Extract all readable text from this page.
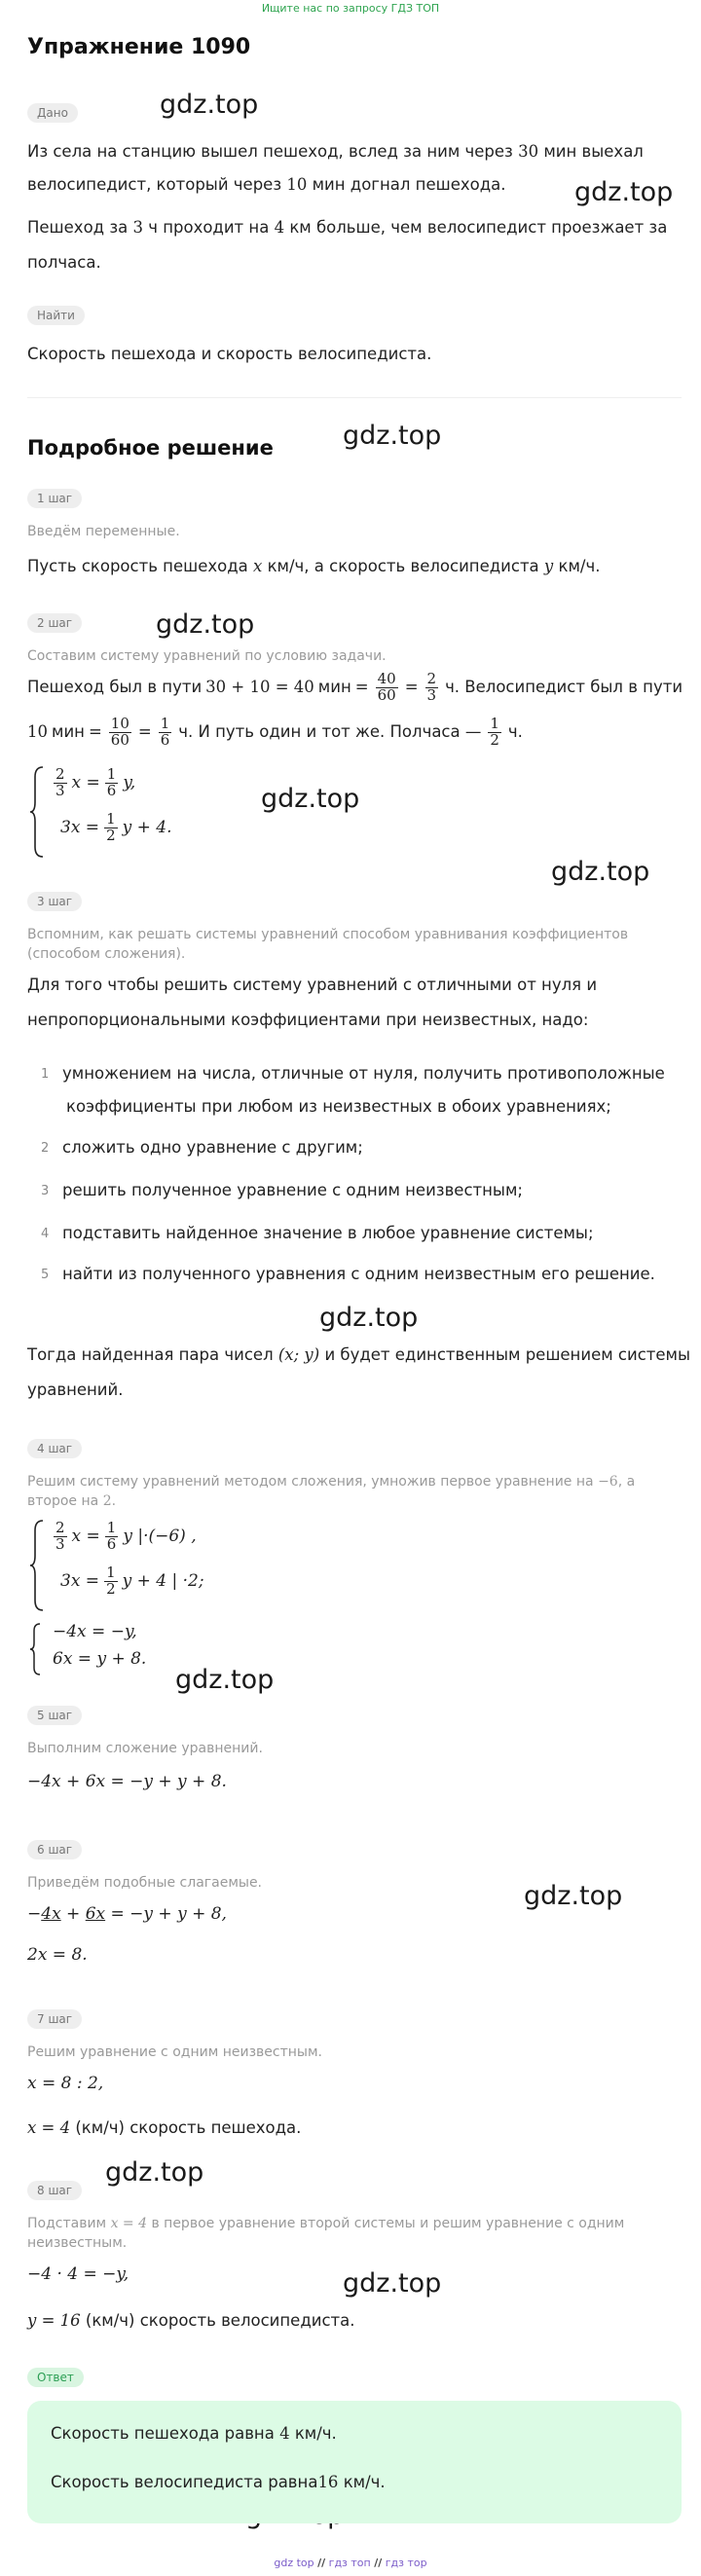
Ищите нас по запросу ГДЗ ТОП
gdz.top
gdz.top
gdz.top
gdz.top
gdz.top
gdz.top
gdz.top
gdz.top
gdz.top
gdz.top
gdz.top
Упражнение 1090
Дано
Из села на станцию вышел пешеход, вслед за ним через 30 мин выехал
велосипедист, который через 10 мин догнал пешехода.
Пешеход за 3 ч проходит на 4 км больше, чем велосипедист проезжает за
полчаса.
Найти
Скорость пешехода и скорость велосипедиста.
Подробное решение
1 шаг
Введём переменные.
Пусть скорость пешехода x км/ч, а скорость велосипедиста y км/ч.
2 шаг
Составим систему уравнений по условию задачи.
Пешеход был в пути 30 + 10 = 40 мин = $\frac{40}{60} = \frac{2}{3} ч$. Велосипедист был в пути
10 мин = $\frac{10}{60} = \frac{1}{6} ч$. И путь один и тот же. Полчаса — $\frac{1}{2} ч$.
$\frac{2}{3}$ $x = \frac{1}{6} y$,
$3x = \frac{1}{2}$ y + 4.
3 шаг
Вспомним, как решать системы уравнений способом уравнивания коэффициентов
(способом сложения).
Для того чтобы решить систему уравнений с отличными от нуля и
непропорциональными коэффициентами при неизвестных, надо:
1 умножением на числа, отличные от нуля, получить противоположные
коэффициенты при любом из неизвестных в обоих уравнениях;
2 сложить одно уравнение с другим;
3 решить полученное уравнение с одним неизвестным;
4 подставить найденное значение в любое уравнение системы;
5 найти из полученного уравнения с одним неизвестным его решение.
Тогда найденная пара чисел (x; y) и будет единственным решением системы
уравнений.
4 шаг
Решим систему уравнений методом сложения, умножив первое уравнение на −6, а
второе на 2.
$\frac{2}{3}$ $x = \frac{1}{6}$ y |·(−6) ,
$3x = \frac{1}{2}$ y + 4 | ·2;
−4x = −y,
6x = y + 8.
5 шаг
Выполним сложение уравнений.
−4x + 6x = −y + y + 8.
6 шаг
Приведём подобные слагаемые.
−4x + 6x = −y + y + 8,
2x = 8.
7 шаг
Решим уравнение с одним неизвестным.
x = 8 : 2,
x = 4 (км/ч) скорость пешехода.
8 шаг
Подставим x = 4 в первое уравнение второй системы и решим уравнение с одним
неизвестным.
−4 · 4 = −y,
y = 16 (км/ч) скорость велосипедиста.
Ответ
Скорость пешехода равна 4 км/ч.
Скорость велосипедиста равна16 км/ч.
gdz top // гдз топ // гдз тор
